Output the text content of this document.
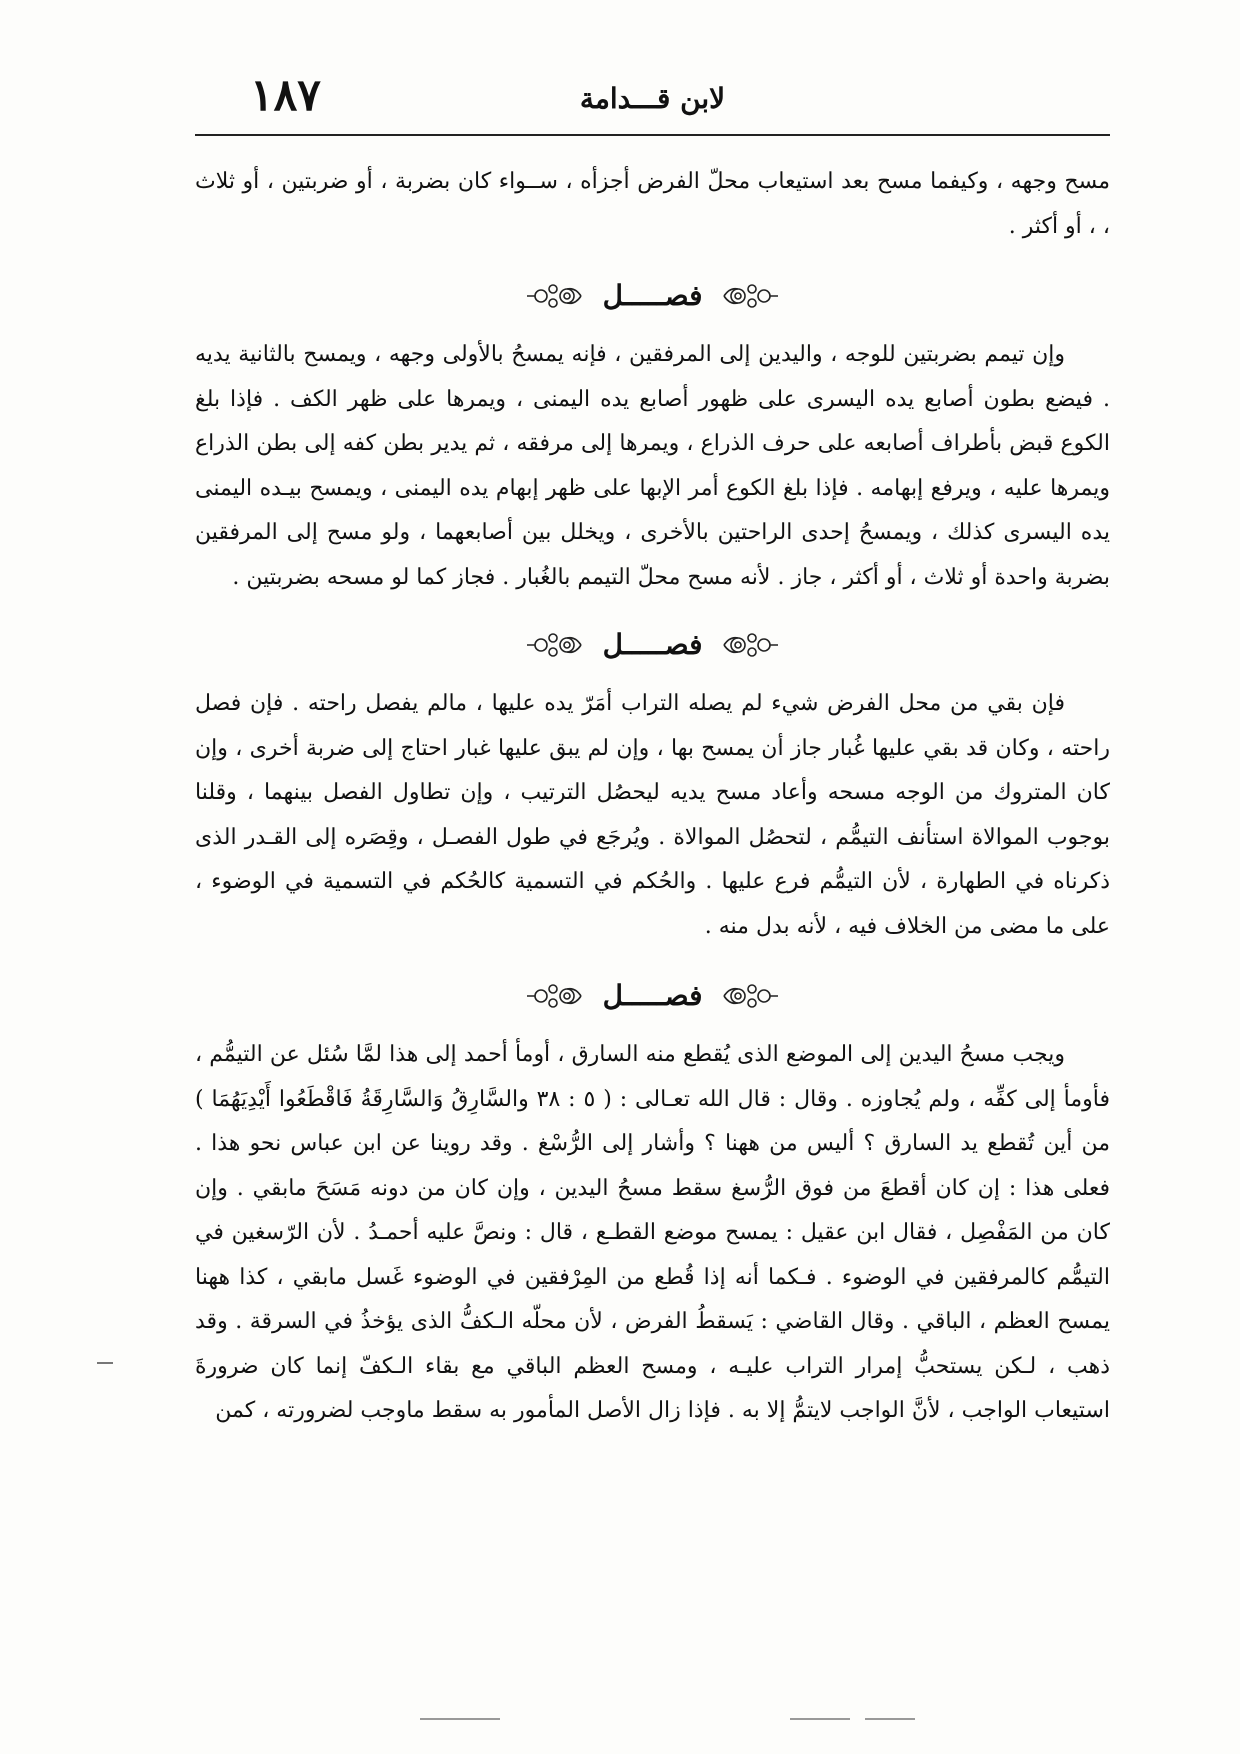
١٨٧	لابن قـــدامة

مسح وجهه ، وكيفما مسح بعد استيعاب محلّ الفرض أجزأه ، ســواء كان بضربة ، أو ضربتين ، أو ثلاث ، ، أو أكثر .

فصـــــل

وإن تيمم بضربتين للوجه ، واليدين إلى المرفقين ، فإنه يمسحُ بالأولى وجهه ، ويمسح بالثانية يديه . فيضع بطون أصابع يده اليسرى على ظهور أصابع يده اليمنى ، ويمرها على ظهر الكف . فإذا بلغ الكوع قبض بأطراف أصابعه على حرف الذراع ، ويمرها إلى مرفقه ، ثم يدير بطن كفه إلى بطن الذراع ويمرها عليه ، ويرفع إبهامه . فإذا بلغ الكوع أمر الإبها على ظهر إبهام يده اليمنى ، ويمسح بيـده اليمنى يده اليسرى كذلك ، ويمسحُ إحدى الراحتين بالأخرى ، ويخلل بين أصابعهما ، ولو مسح إلى المرفقين بضربة واحدة أو ثلاث ، أو أكثر ، جاز . لأنه مسح محلّ التيمم بالغُبار . فجاز كما لو مسحه بضربتين .

فصـــــل

فإن بقي من محل الفرض شيء لم يصله التراب أمَرّ يده عليها ، مالم يفصل راحته . فإن فصل راحته ، وكان قد بقي عليها غُبار جاز أن يمسح بها ، وإن لم يبق عليها غبار احتاج إلى ضربة أخرى ، وإن كان المتروك من الوجه مسحه وأعاد مسح يديه ليحصُل الترتيب ، وإن تطاول الفصل بينهما ، وقلنا بوجوب الموالاة استأنف التيمُّم ، لتحصُل الموالاة . ويُرجَع في طول الفصـل ، وقِصَره إلى القـدر الذى ذكرناه في الطهارة ، لأن التيمُّم فرع عليها . والحُكم في التسمية كالحُكم في التسمية في الوضوء ، على ما مضى من الخلاف فيه ، لأنه بدل منه .

فصـــــل

ويجب مسحُ اليدين إلى الموضع الذى يُقطع منه السارق ، أومأ أحمد إلى هذا لمَّا سُئل عن التيمُّم ، فأومأ إلى كفِّه ، ولم يُجاوزه . وقال : قال الله تعـالى : ( ٥ : ٣٨ والسَّارِقُ وَالسَّارِقَةُ فَاقْطَعُوا أَيْدِيَهُمَا ) من أين تُقطع يد السارق ؟ أليس من ههنا ؟ وأشار إلى الرُّسْغ . وقد روينا عن ابن عباس نحو هذا . فعلى هذا : إن كان أقطعَ من فوق الرُّسغ سقط مسحُ اليدين ، وإن كان من دونه مَسَحَ مابقي . وإن كان من المَفْصِل ، فقال ابن عقيل : يمسح موضع القطـع ، قال : ونصَّ عليه أحمـدُ . لأن الرّسغين في التيمُّم كالمرفقين في الوضوء . فـكما أنه إذا قُطع من المِرْفقين في الوضوء غَسل مابقي ، كذا ههنا يمسح العظم ، الباقي . وقال القاضي : يَسقطُ الفرض ، لأن محلّه الـكفُّ الذى يؤخذُ في السرقة . وقد ذهب ، لـكن يستحبُّ إمرار التراب عليـه ، ومسح العظم الباقي مع بقاء الـكفّ إنما كان ضرورةَ استيعاب الواجب ، لأنَّ الواجب لايتمُّ إلا به . فإذا زال الأصل المأمور به سقط ماوجب لضرورته ، كمن
